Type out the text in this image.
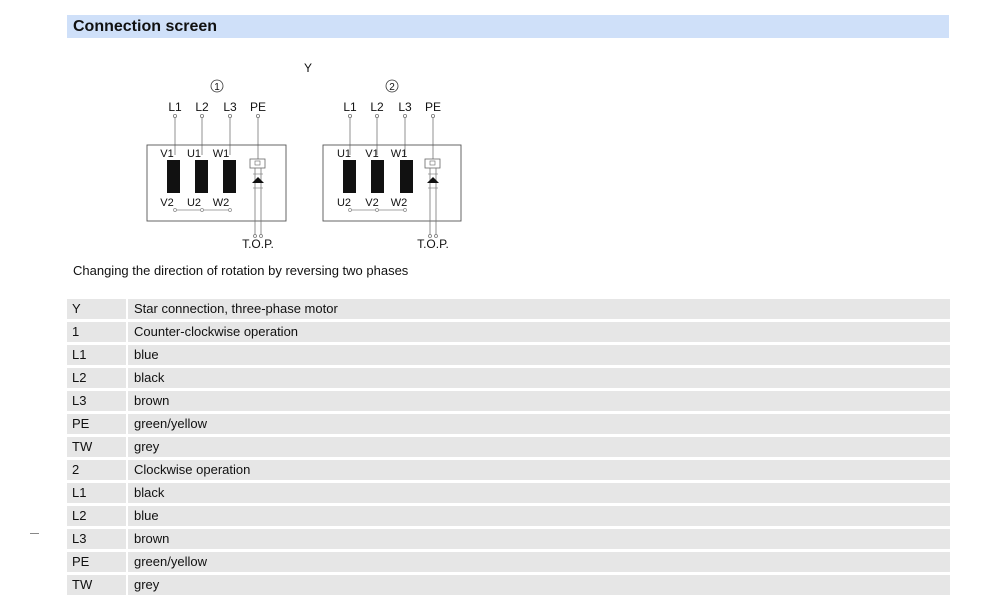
Connection screen
Y
1
L1 L2 L3 PE
V1 U1 W1
V2 U2 W2
T.O.P.
2
L1 L2 L3 PE
U1 V1 W1
U2 V2 W2
T.O.P.
Changing the direction of rotation by reversing two phases
Y		Star connection, three-phase motor
1		Counter-clockwise operation
L1		blue
L2		black
L3		brown
PE		green/yellow
TW		grey
2		Clockwise operation
L1		black
L2		blue
L3		brown
PE		green/yellow
TW		grey
